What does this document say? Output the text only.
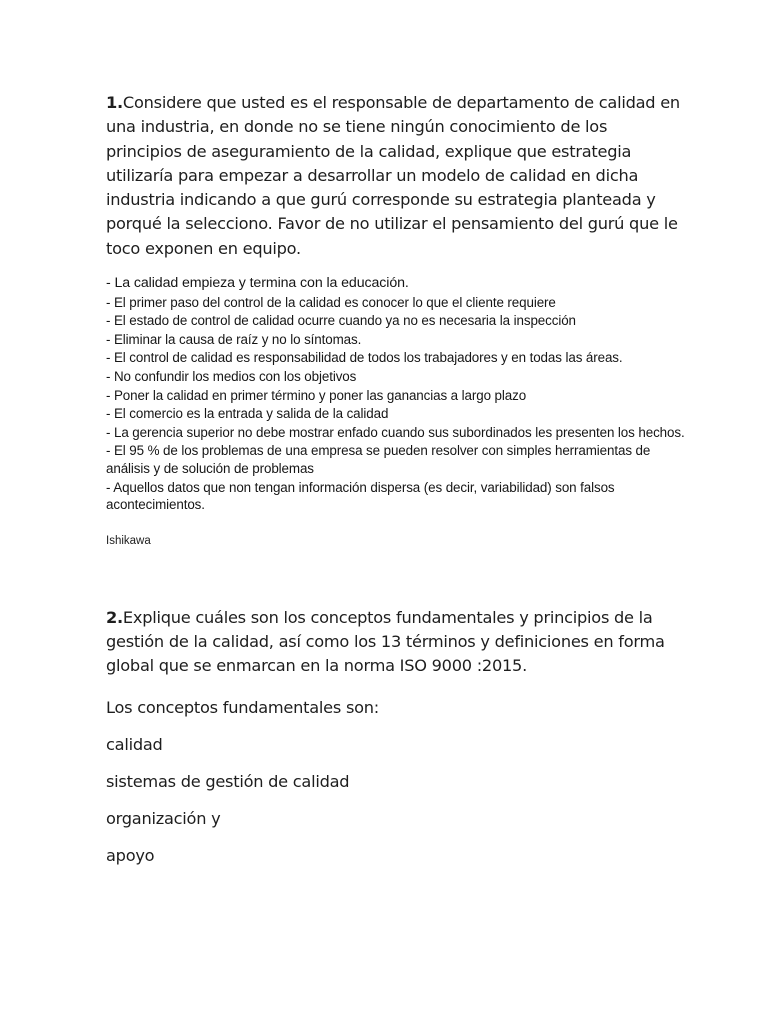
1.Considere que usted es el responsable de departamento de calidad en una industria, en donde no se tiene ningún conocimiento de los principios de aseguramiento de la calidad, explique que estrategia utilizaría para empezar a desarrollar un modelo de calidad en dicha industria indicando a que gurú corresponde su estrategia planteada y porqué la selecciono. Favor de no utilizar el pensamiento del gurú que le toco exponen en equipo.

- La calidad empieza y termina con la educación.
- El primer paso del control de la calidad es conocer lo que el cliente requiere
- El estado de control de calidad ocurre cuando ya no es necesaria la inspección
- Eliminar la causa de raíz y no lo síntomas.
- El control de calidad es responsabilidad de todos los trabajadores y en todas las áreas.
- No confundir los medios con los objetivos
- Poner la calidad en primer término y poner las ganancias a largo plazo
- El comercio es la entrada y salida de la calidad
- La gerencia superior no debe mostrar enfado cuando sus subordinados les presenten los hechos.
- El 95 % de los problemas de una empresa se pueden resolver con simples herramientas de análisis y de solución de problemas
- Aquellos datos que non tengan información dispersa (es decir, variabilidad) son falsos acontecimientos.

Ishikawa

2.Explique cuáles son los conceptos fundamentales y principios de la gestión de la calidad, así como los 13 términos y definiciones en forma global que se enmarcan en la norma ISO 9000 :2015.

Los conceptos fundamentales son:

calidad
sistemas de gestión de calidad
organización y
apoyo
